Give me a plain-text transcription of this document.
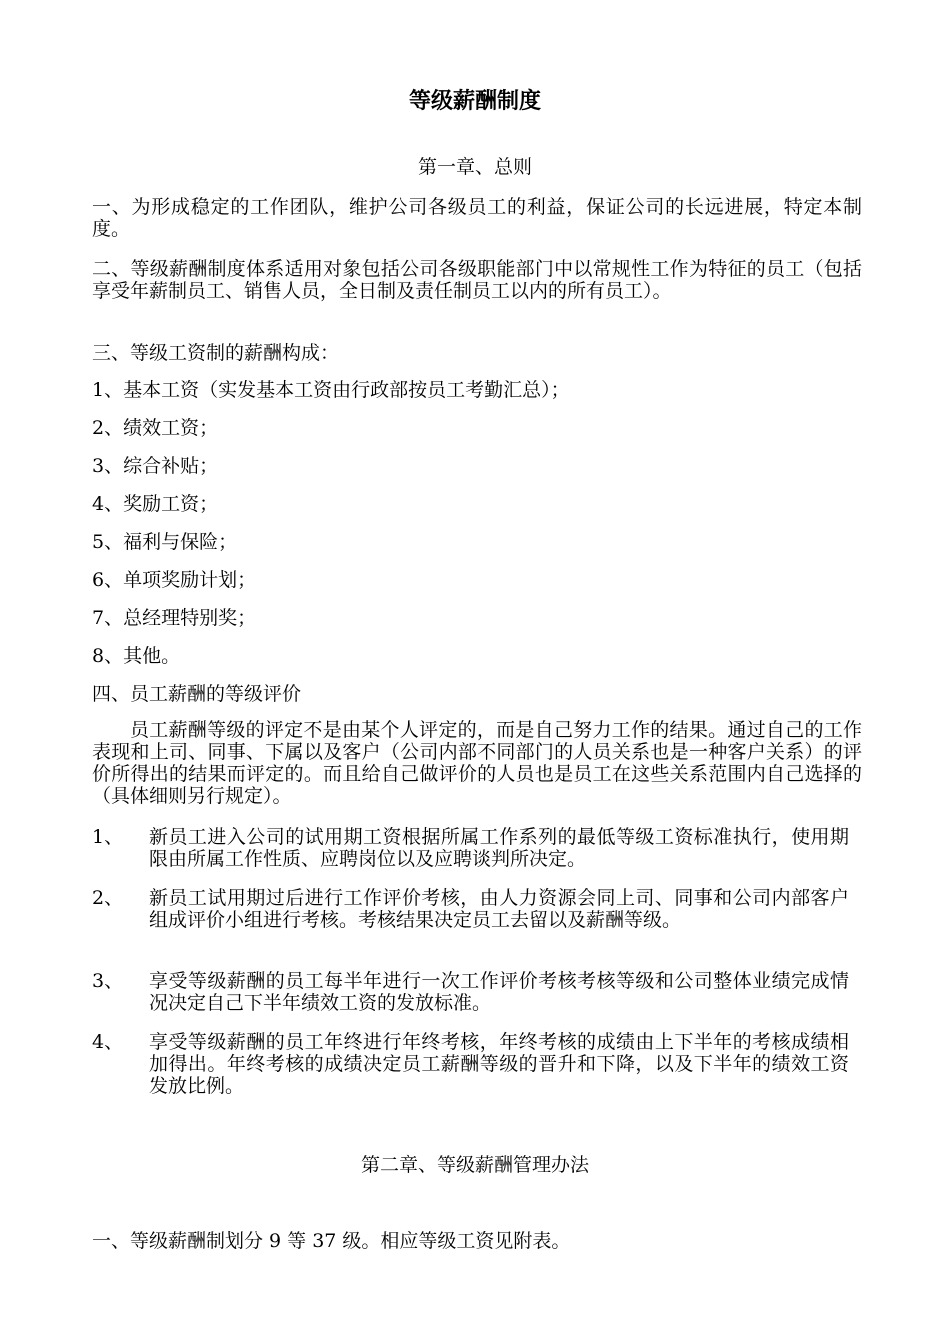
等级薪酬制度
第一章、总则
一、为形成稳定的工作团队，维护公司各级员工的利益，保证公司的长远进展，特定本制度。
二、等级薪酬制度体系适用对象包括公司各级职能部门中以常规性工作为特征的员工（包括享受年薪制员工、销售人员，全日制及责任制员工以内的所有员工）。
三、等级工资制的薪酬构成：
1、基本工资（实发基本工资由行政部按员工考勤汇总）；
2、绩效工资；
3、综合补贴；
4、奖励工资；
5、福利与保险；
6、单项奖励计划；
7、总经理特别奖；
8、其他。
四、员工薪酬的等级评价
员工薪酬等级的评定不是由某个人评定的，而是自己努力工作的结果。通过自己的工作表现和上司、同事、下属以及客户（公司内部不同部门的人员关系也是一种客户关系）的评价所得出的结果而评定的。而且给自己做评价的人员也是员工在这些关系范围内自己选择的（具体细则另行规定）。
1、 新员工进入公司的试用期工资根据所属工作系列的最低等级工资标准执行，使用期限由所属工作性质、应聘岗位以及应聘谈判所决定。
2、 新员工试用期过后进行工作评价考核，由人力资源会同上司、同事和公司内部客户组成评价小组进行考核。考核结果决定员工去留以及薪酬等级。
3、 享受等级薪酬的员工每半年进行一次工作评价考核考核等级和公司整体业绩完成情况决定自己下半年绩效工资的发放标准。
4、 享受等级薪酬的员工年终进行年终考核，年终考核的成绩由上下半年的考核成绩相加得出。年终考核的成绩决定员工薪酬等级的晋升和下降，以及下半年的绩效工资发放比例。
第二章、等级薪酬管理办法
一、等级薪酬制划分 9 等 37 级。相应等级工资见附表。
